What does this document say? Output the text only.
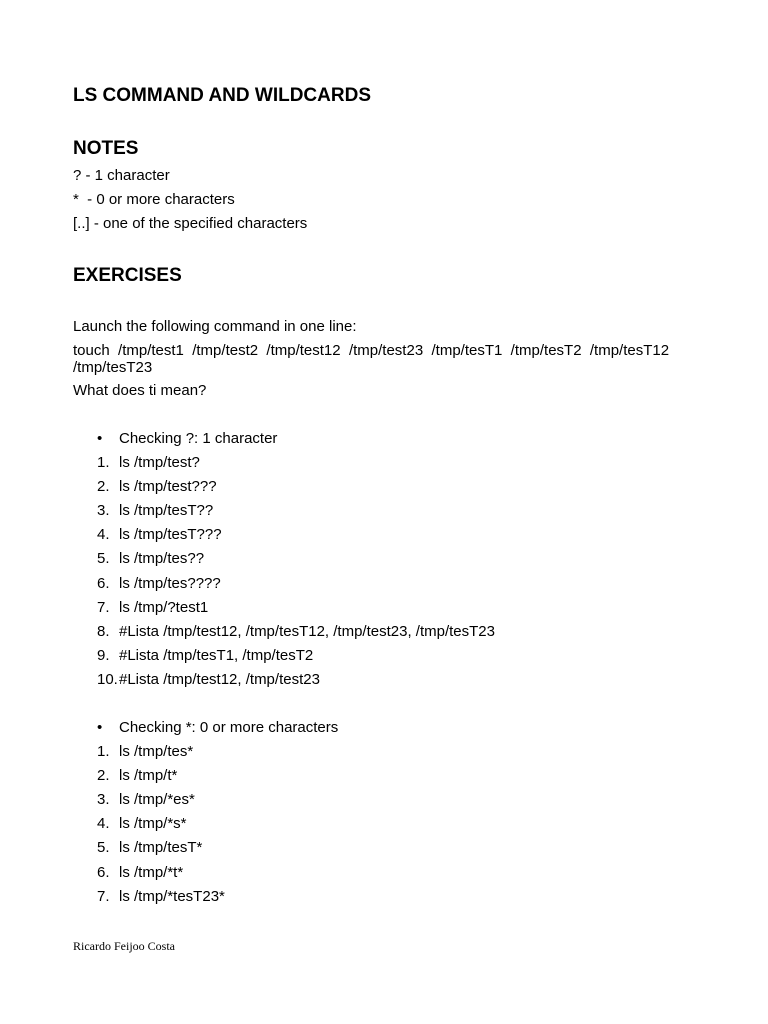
LS COMMAND AND WILDCARDS
NOTES
? - 1 character
*  - 0 or more characters
[..] - one of the specified characters
EXERCISES

Launch the following command in one line:

touch  /tmp/test1  /tmp/test2  /tmp/test12  /tmp/test23  /tmp/tesT1  /tmp/tesT2  /tmp/tesT12
/tmp/tesT23

What does ti mean?

•	Checking ?: 1 character
1. ls /tmp/test?
2. ls /tmp/test???
3. ls /tmp/tesT??
4. ls /tmp/tesT???
5. ls /tmp/tes??
6. ls /tmp/tes????
7. ls /tmp/?test1
8. #Lista /tmp/test12, /tmp/tesT12, /tmp/test23, /tmp/tesT23
9. #Lista /tmp/tesT1, /tmp/tesT2
10. #Lista /tmp/test12, /tmp/test23
•	Checking *: 0 or more characters
1. ls /tmp/tes*
2. ls /tmp/t*
3. ls /tmp/*es*
4. ls /tmp/*s*
5. ls /tmp/tesT*
6. ls /tmp/*t*
7. ls /tmp/*tesT23*

Ricardo Feijoo Costa
